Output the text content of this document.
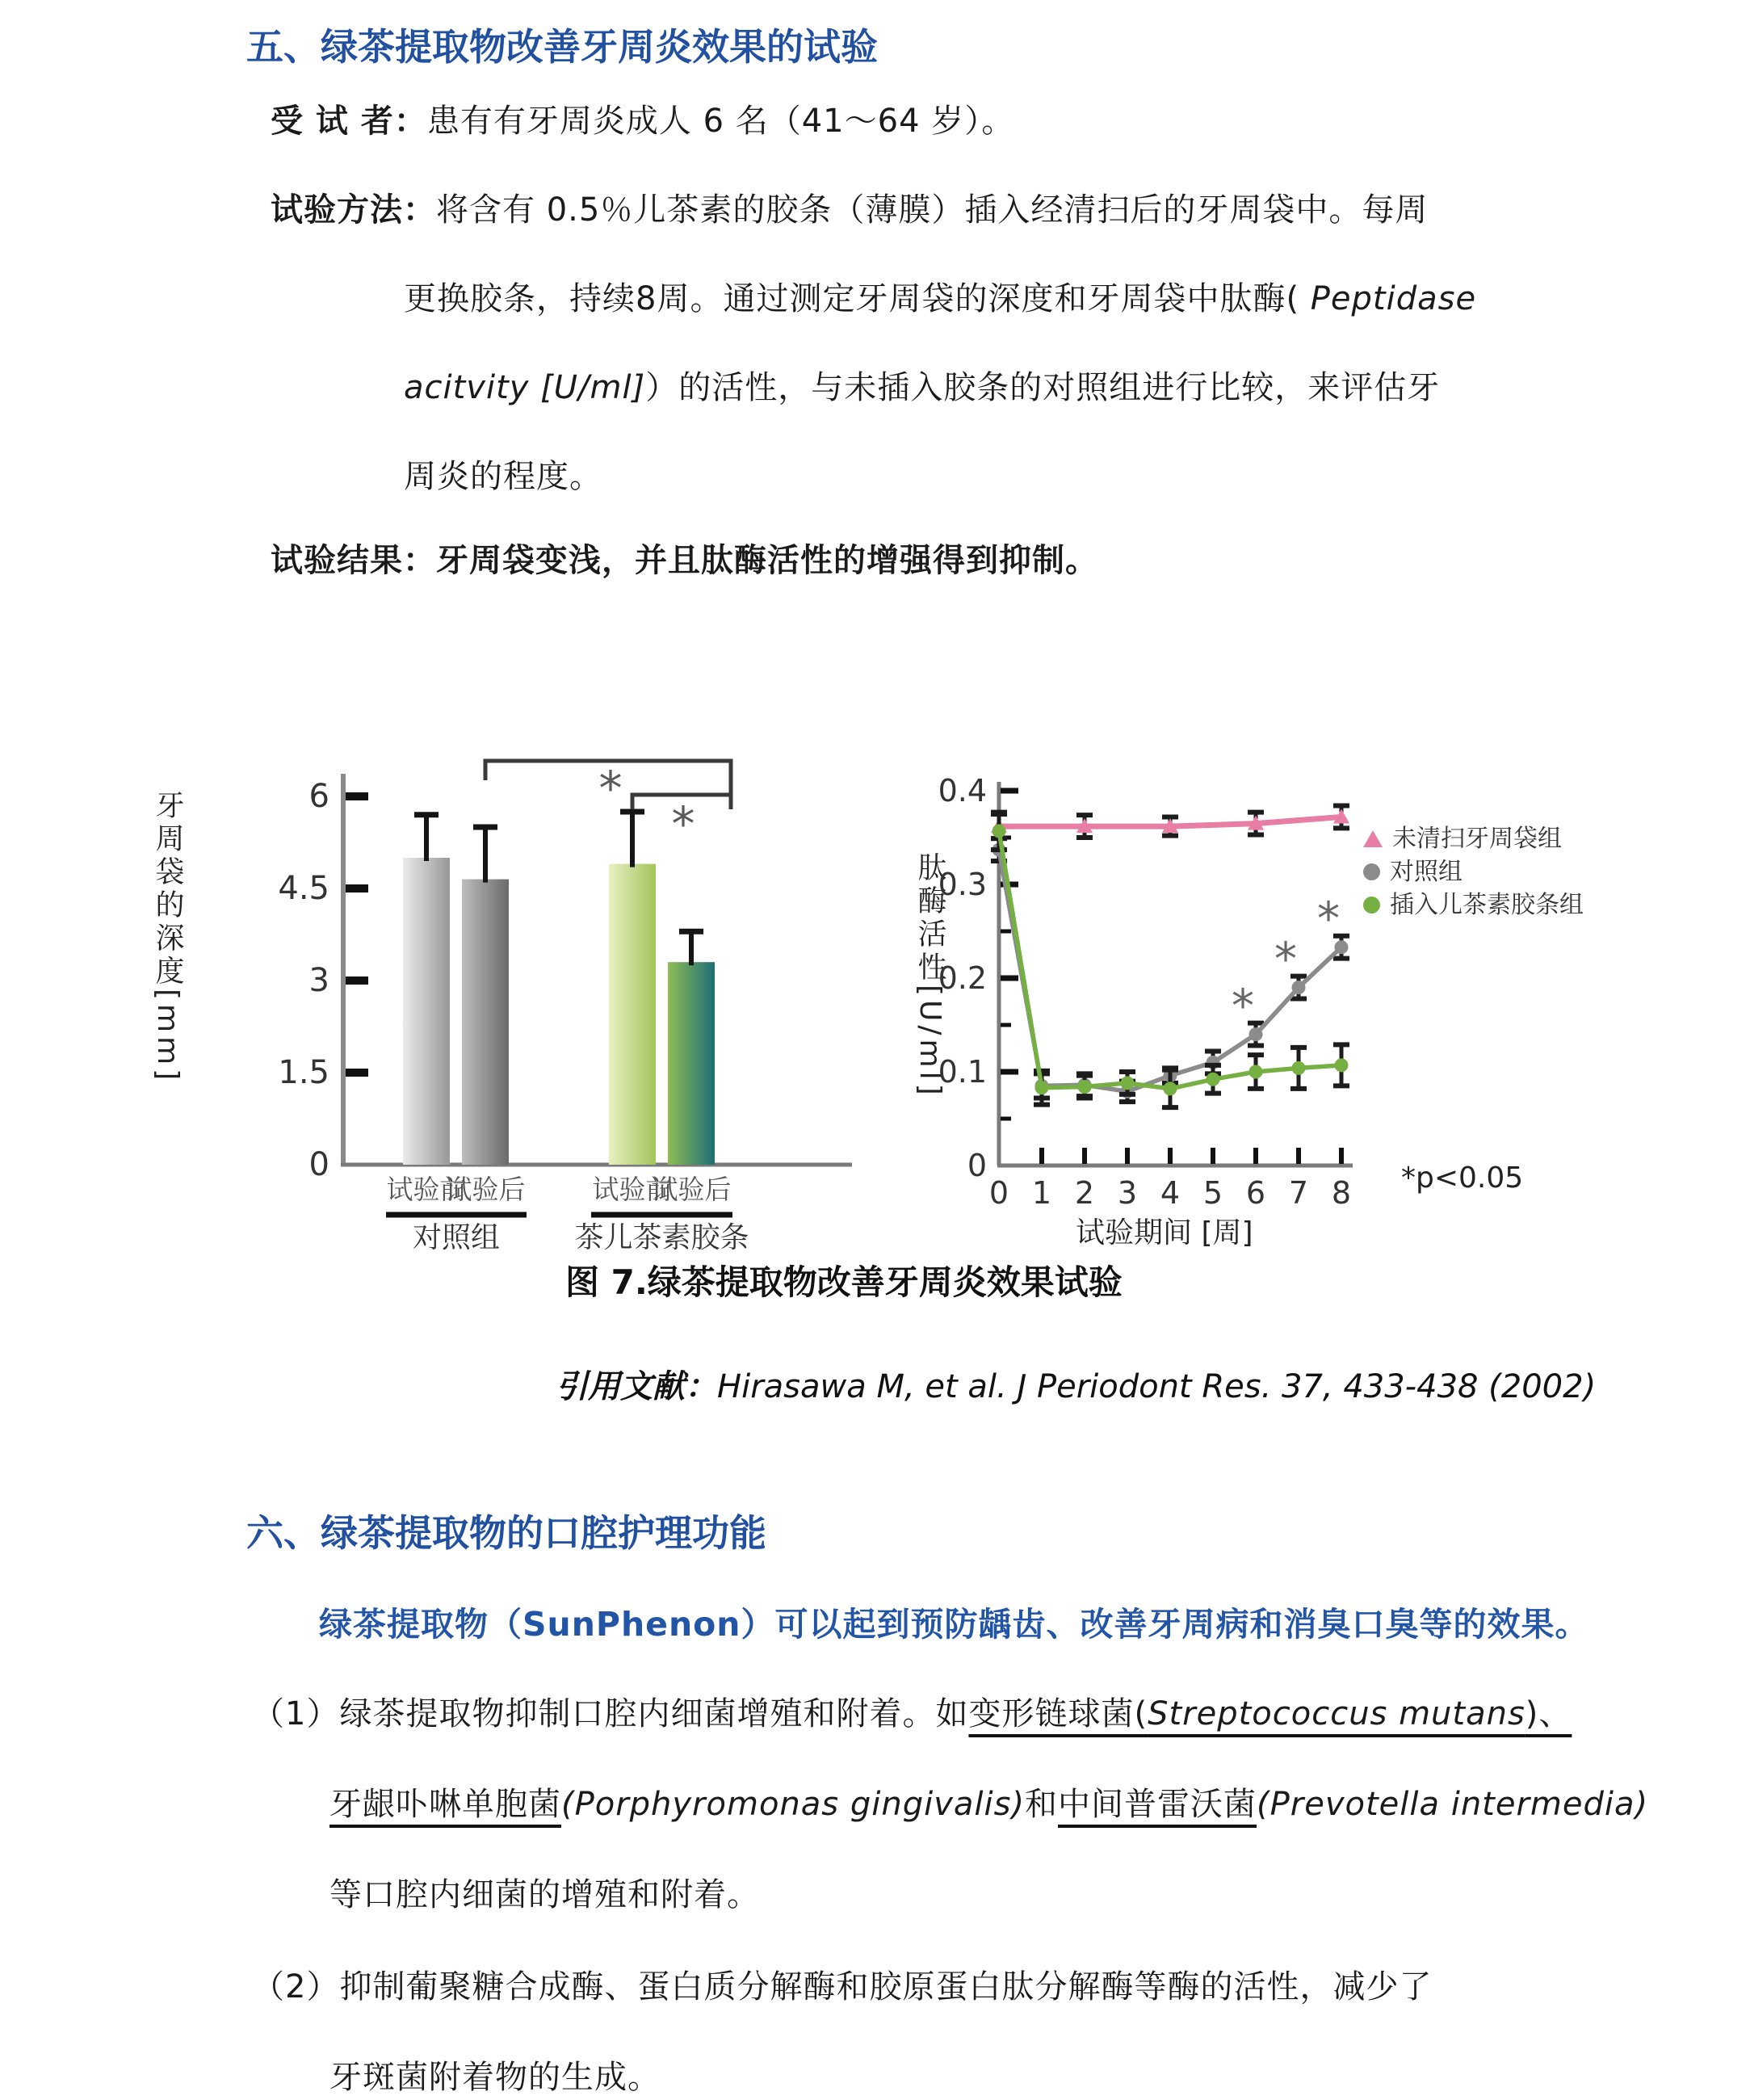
五、绿茶提取物改善牙周炎效果的试验
受 试 者：患有有牙周炎成人 6 名（41～64 岁）。
试验方法：将含有 0.5％儿茶素的胶条（薄膜）插入经清扫后的牙周袋中。每周
更换胶条，持续8周。通过测定牙周袋的深度和牙周袋中肽酶( Peptidase
acitvity [U/ml]）的活性，与未插入胶条的对照组进行比较，来评估牙
周炎的程度。
试验结果：牙周袋变浅，并且肽酶活性的增强得到抑制。
牙周袋的深度[mm]
0
1.5
3
4.5
6
试验前
试验后	试验前
试验后
对照组	茶儿茶素胶条
*
*
肽酶活性[U/ml]
0
0.1
0.2
0.3
0.4
0 1 2 3 4 5 6 7 8
*
*
*
未清扫牙周袋组
对照组
插入儿茶素胶条组
试验期间 [周]
*p<0.05
图 7.绿茶提取物改善牙周炎效果试验
引用文献：Hirasawa M, et al. J Periodont Res. 37, 433-438 (2002)
六、绿茶提取物的口腔护理功能
绿茶提取物（SunPhenon）可以起到预防龋齿、改善牙周病和消臭口臭等的效果。
（1）绿茶提取物抑制口腔内细菌增殖和附着。如变形链球菌(Streptococcus mutans)、
牙龈卟啉单胞菌(Porphyromonas gingivalis)和中间普雷沃菌(Prevotella intermedia)
等口腔内细菌的增殖和附着。
（2）抑制葡聚糖合成酶、蛋白质分解酶和胶原蛋白肽分解酶等酶的活性，减少了
牙斑菌附着物的生成。
